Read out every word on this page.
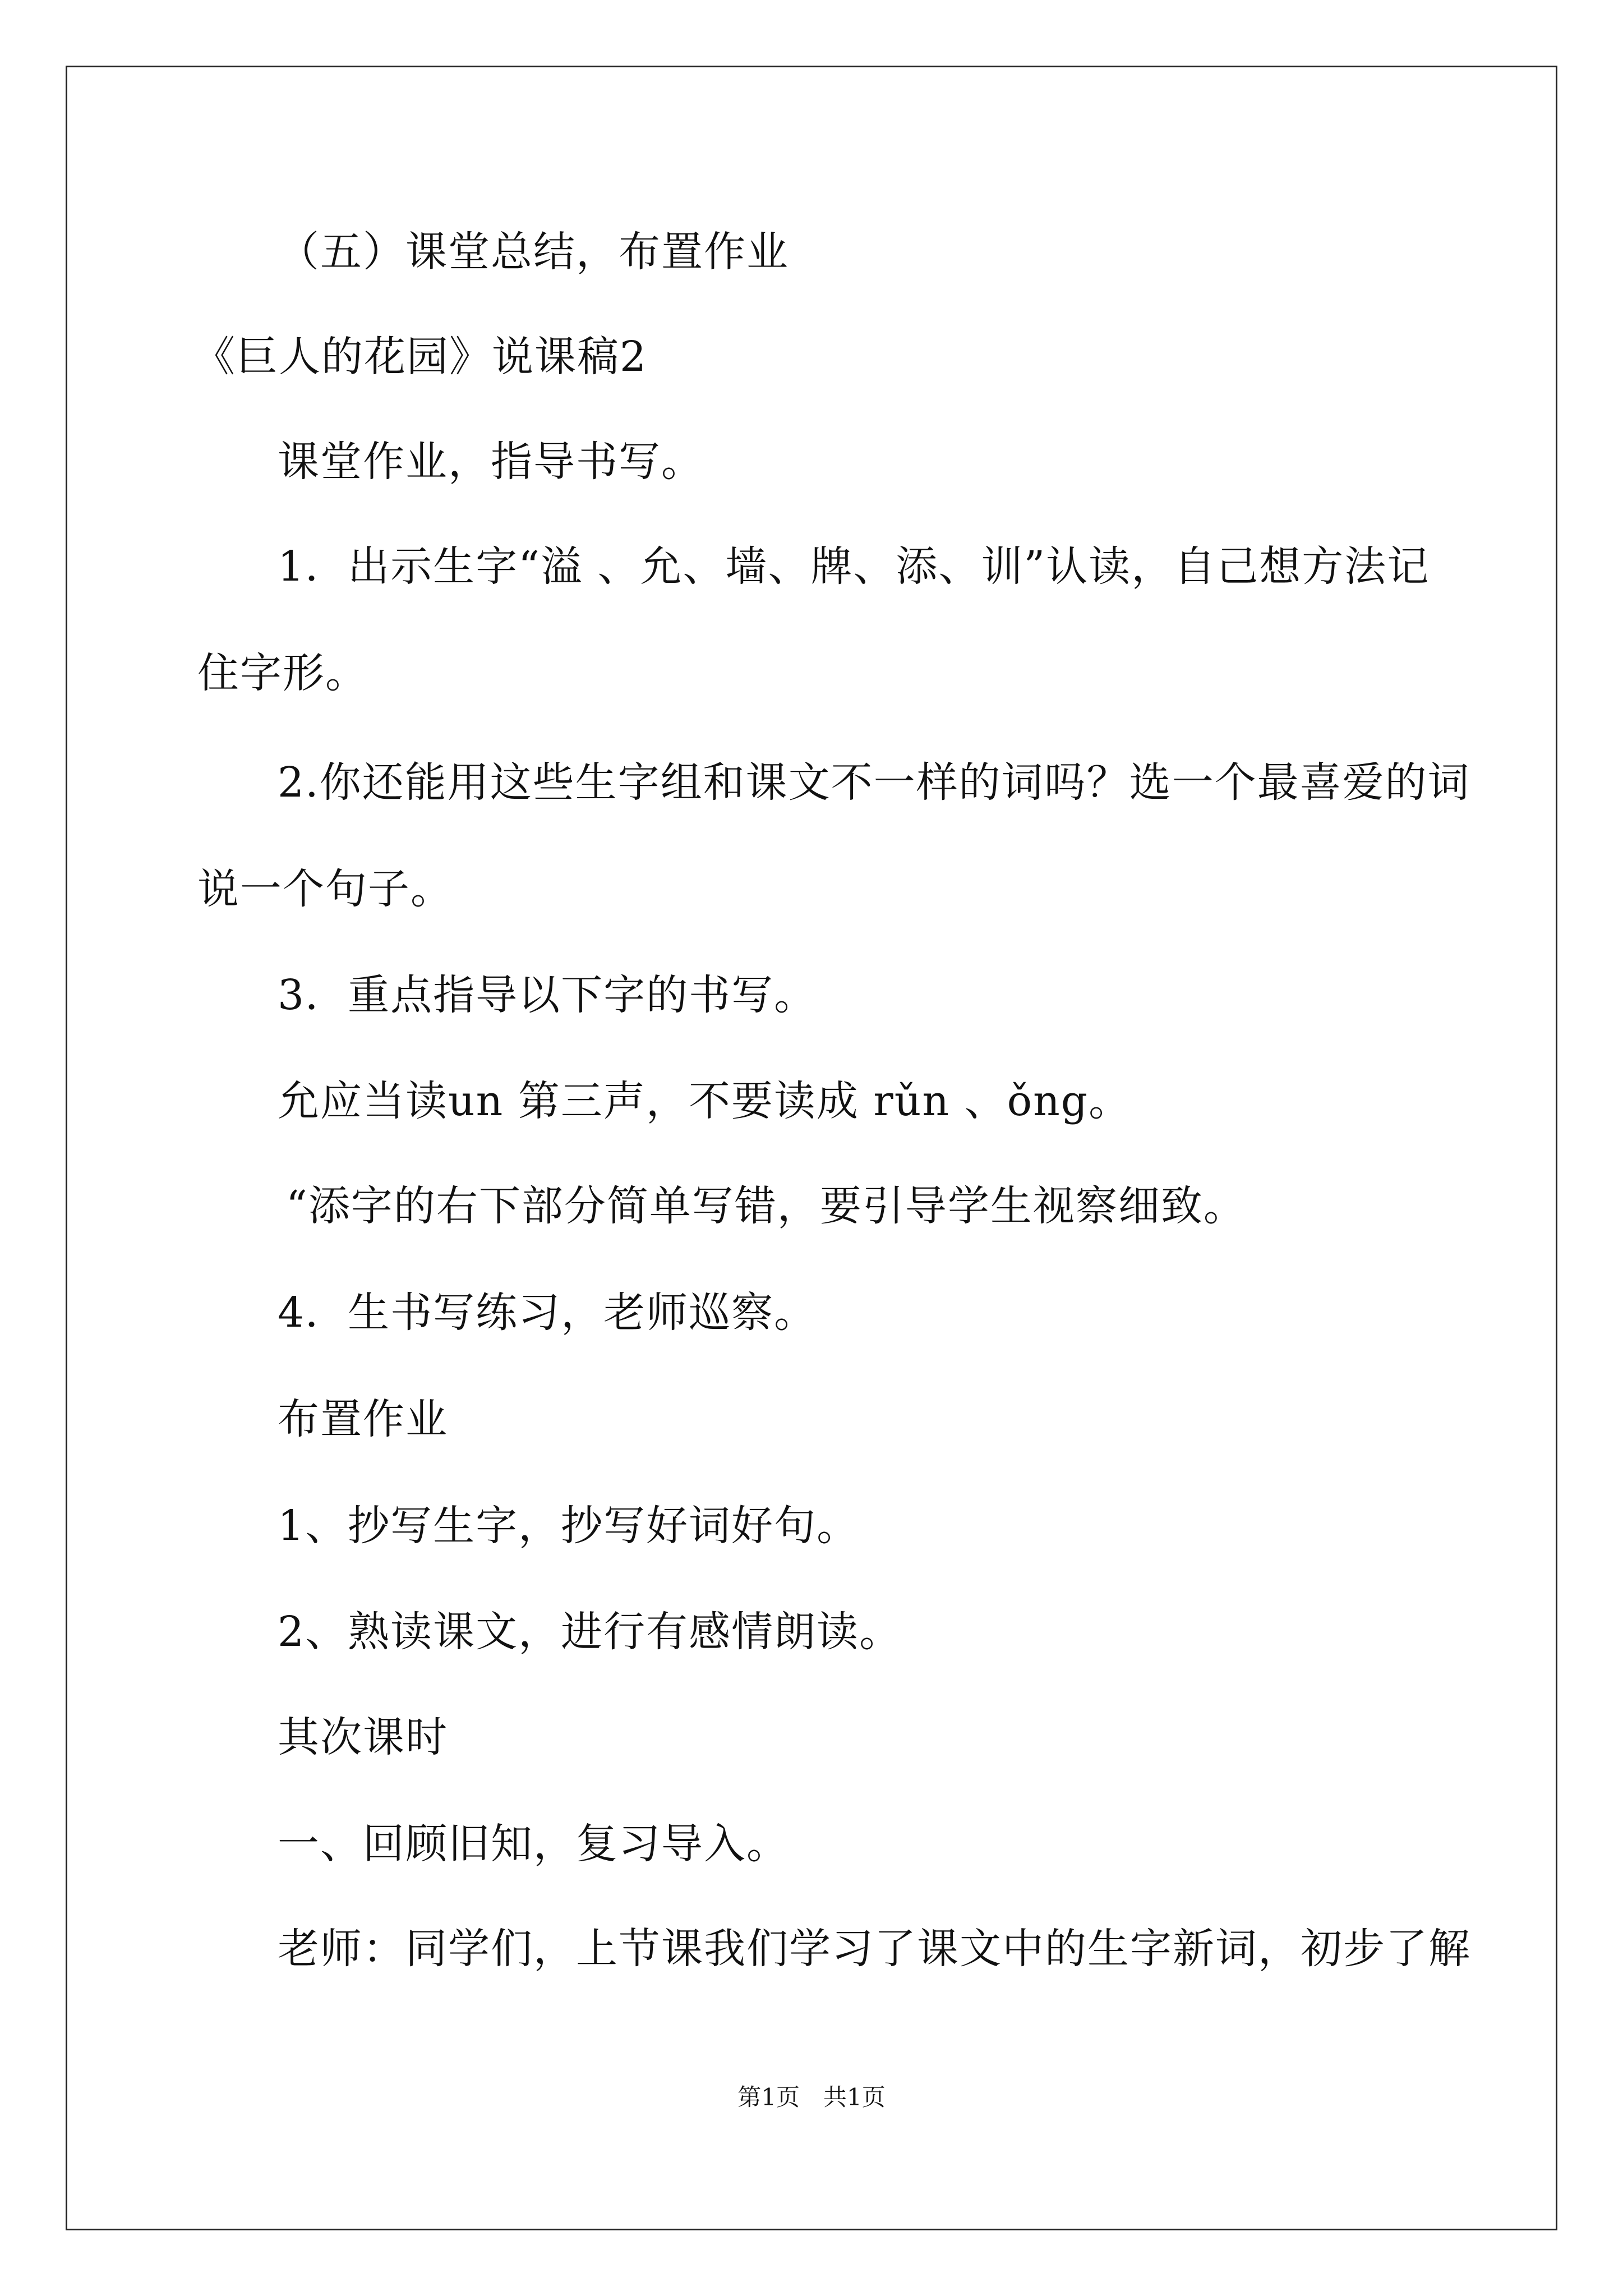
（五）课堂总结，布置作业
《巨人的花园》说课稿2
课堂作业，指导书写。
1．出示生字“溢 、允、墙、牌、添、训”认读，自己想方法记
住字形。
2.你还能用这些生字组和课文不一样的词吗？选一个最喜爱的词
说一个句子。
3．重点指导以下字的书写。
允应当读un 第三声，不要读成 rǔn 、ǒng。
“添字的右下部分简单写错，要引导学生视察细致。
4．生书写练习，老师巡察。
布置作业
1、抄写生字，抄写好词好句。
2、熟读课文，进行有感情朗读。
其次课时
一、回顾旧知，复习导入。
老师：同学们，上节课我们学习了课文中的生字新词，初步了解
第1页　共1页
